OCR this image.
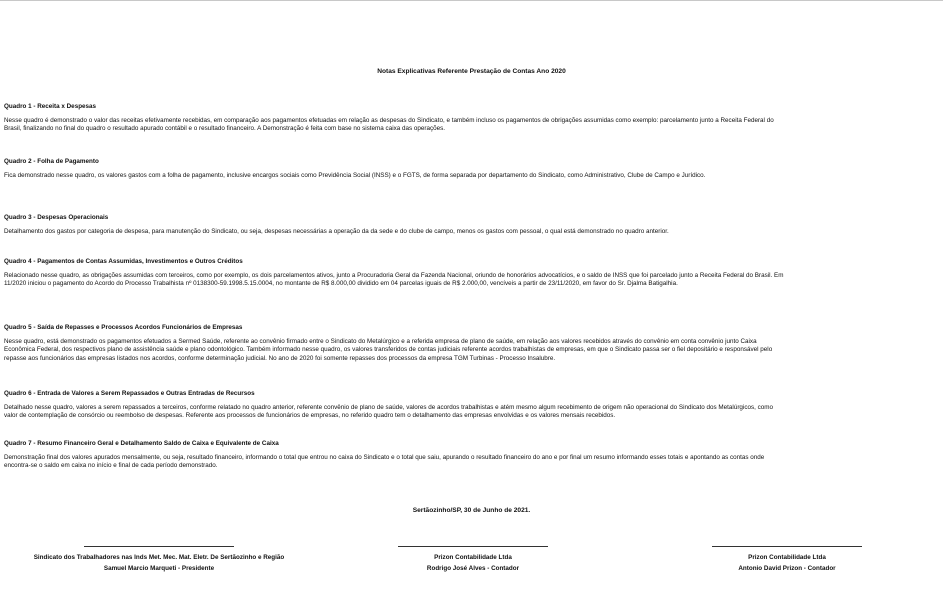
Notas Explicativas Referente Prestação de Contas Ano 2020
Quadro 1 - Receita x Despesas
Nesse quadro é demonstrado o valor das receitas efetivamente recebidas, em comparação aos pagamentos efetuadas em relação as despesas do Sindicato, e também incluso os pagamentos de obrigações assumidas como exemplo: parcelamento junto a Receita Federal do
Brasil, finalizando no final do quadro o resultado apurado contábil e o resultado financeiro. A Demonstração é feita com base no sistema caixa das operações.
Quadro 2 - Folha de Pagamento
Fica demonstrado nesse quadro, os valores gastos com a folha de pagamento, inclusive encargos sociais como Previdência Social (INSS) e o FGTS, de forma separada por departamento do Sindicato, como Administrativo, Clube de Campo e Jurídico.
Quadro 3 - Despesas Operacionais
Detalhamento dos gastos por categoria de despesa, para manutenção do Sindicato, ou seja, despesas necessárias a operação da da sede e do clube de campo, menos os gastos com pessoal, o qual está demonstrado no quadro anterior.
Quadro 4 - Pagamentos de Contas Assumidas, Investimentos e Outros Créditos
Relacionado nesse quadro, as obrigações assumidas com terceiros, como por exemplo, os dois parcelamentos ativos, junto a Procuradoria Geral da Fazenda Nacional, oriundo de honorários advocatícios, e o saldo de INSS que foi parcelado junto a Receita Federal do Brasil. Em
11/2020 iniciou o pagamento do Acordo do Processo Trabalhista nº 0138300-59.1998.5.15.0004, no montante de R$ 8.000,00 dividido em 04 parcelas iguais de R$ 2.000,00, vencíveis a partir de 23/11/2020, em favor do Sr. Djalma Batigalhia.
Quadro 5 - Saída de Repasses e Processos Acordos Funcionários de Empresas
Nesse quadro, está demonstrado os pagamentos efetuados a Sermed Saúde, referente ao convênio firmado entre o Sindicato do Metalúrgico e a referida empresa de plano de saúde, em relação aos valores recebidos através do convênio em conta convênio junto Caixa
Econômica Federal, dos respectivos plano de assistência saúde e plano odontológico. Também informado nesse quadro, os valores transferidos de contas judiciais referente acordos trabalhistas de empresas, em que o Sindicato passa ser o fiel depositário e responsável pelo
repasse aos funcionários das empresas listados nos acordos, conforme determinação judicial. No ano de 2020 foi somente repasses dos processos da empresa TGM Turbinas - Processo Insalubre.
Quadro 6 - Entrada de Valores a Serem Repassados e Outras Entradas de Recursos
Detalhado nesse quadro, valores a serem repassados a terceiros, conforme relatado no quadro anterior, referente convênio de plano de saúde, valores de acordos trabalhistas e atém mesmo algum recebimento de origem não operacional do Sindicato dos Metalúrgicos, como
valor de contemplação de consórcio ou reembolso de despesas. Referente aos processos de funcionários de empresas, no referido quadro tem o detalhamento das empresas envolvidas e os valores mensais recebidos.
Quadro 7 - Resumo Financeiro Geral e Detalhamento Saldo de Caixa e Equivalente de Caixa
Demonstração final dos valores apurados mensalmente, ou seja, resultado financeiro, informando o total que entrou no caixa do Sindicato e o total que saiu, apurando o resultado financeiro do ano e por final um resumo informando esses totais e apontando as contas onde
encontra-se o saldo em caixa no início e final de cada período demonstrado.
Sertãozinho/SP, 30 de Junho de 2021.
Sindicato dos Trabalhadores nas Inds Met. Mec. Mat. Eletr. De Sertãozinho e Região
Samuel Marcio Marqueti - Presidente
Prizon Contabilidade Ltda
Rodrigo José Alves - Contador
Prizon Contabilidade Ltda
Antonio David Prizon - Contador
